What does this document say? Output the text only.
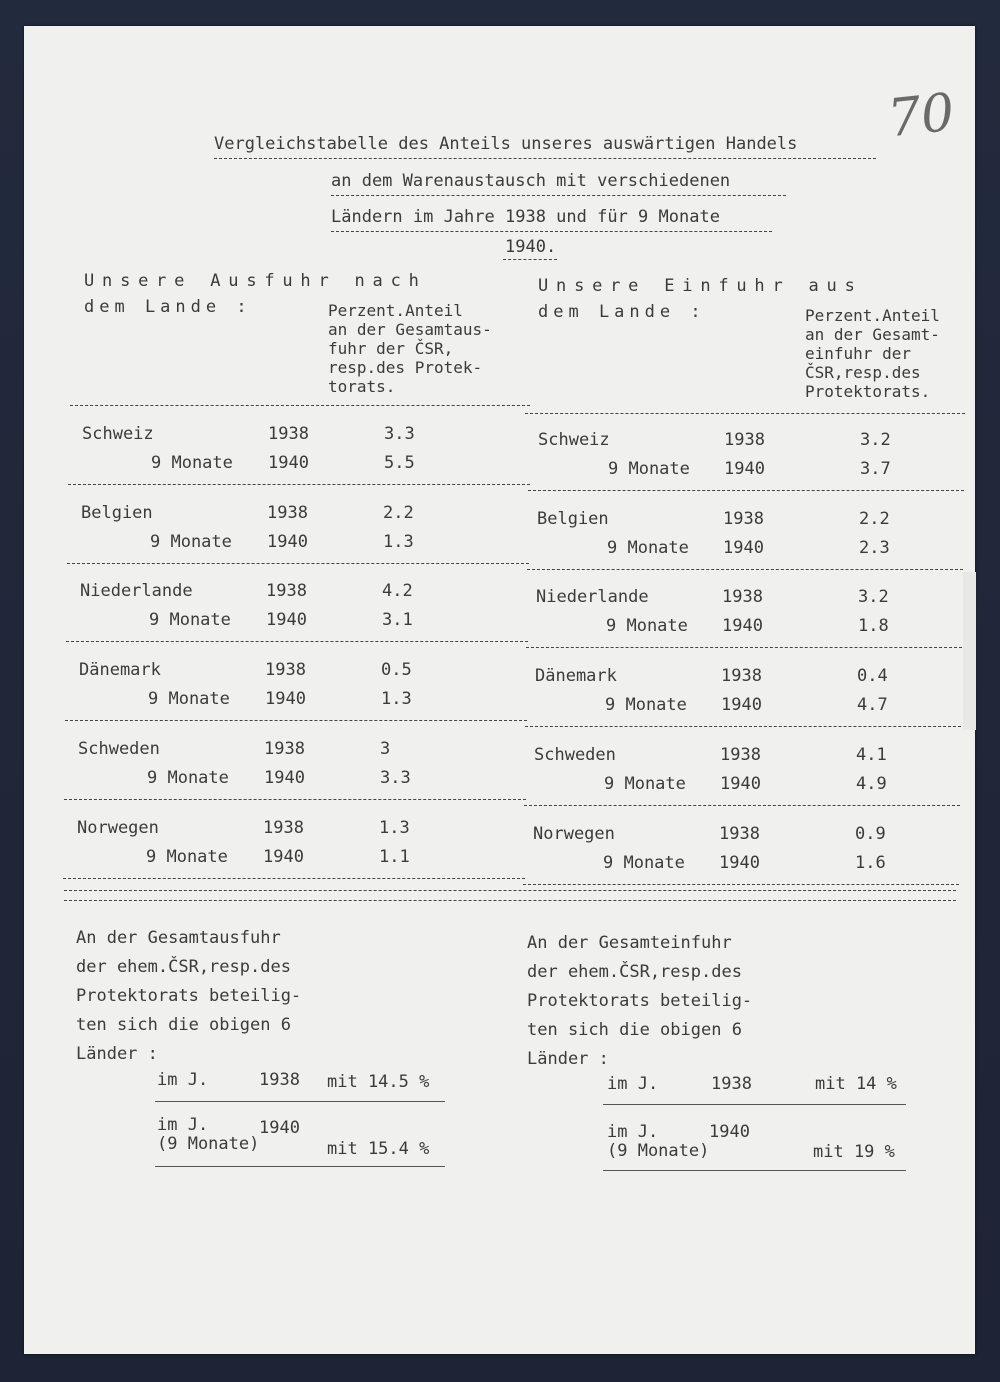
70
Vergleichstabelle des Anteils unseres auswärtigen Handels
an dem Warenaustausch mit verschiedenen
Ländern im Jahre 1938 und für 9 Monate
1940.
Unsere Ausfuhr nach	Unsere Einfuhr aus
dem Lande :	dem Lande :
Perzent.Anteil
an der Gesamtaus-
fuhr der ČSR,
resp.des Protek-
torats.
Perzent.Anteil
an der Gesamt-
einfuhr der
ČSR,resp.des
Protektorats.
Schweiz	1938	3.3
9 Monate 1940	5.5
Belgien	1938	2.2
9 Monate 1940	1.3
Niederlande	1938	4.2
9 Monate 1940	3.1
Dänemark	1938	0.5
9 Monate 1940	1.3
Schweden	1938	3
9 Monate 1940	3.3
Norwegen	1938	1.3
9 Monate 1940	1.1
Schweiz	1938	3.2
9 Monate 1940	3.7
Belgien	1938	2.2
9 Monate 1940	2.3
Niederlande	1938	3.2
9 Monate 1940	1.8
Dänemark	1938	0.4
9 Monate 1940	4.7
Schweden	1938	4.1
9 Monate 1940	4.9
Norwegen	1938	0.9
9 Monate 1940	1.6
An der Gesamtausfuhr
der ehem.ČSR,resp.des
Protektorats beteilig-
ten sich die obigen 6
Länder :
im J.	1938 mit 14.5 %
im J.	1940
(9 Monate)	mit 15.4 %
An der Gesamteinfuhr
der ehem.ČSR,resp.des
Protektorats beteilig-
ten sich die obigen 6
Länder :
im J.	1938	mit 14 %
im J.	1940
(9 Monate)	mit 19 %
